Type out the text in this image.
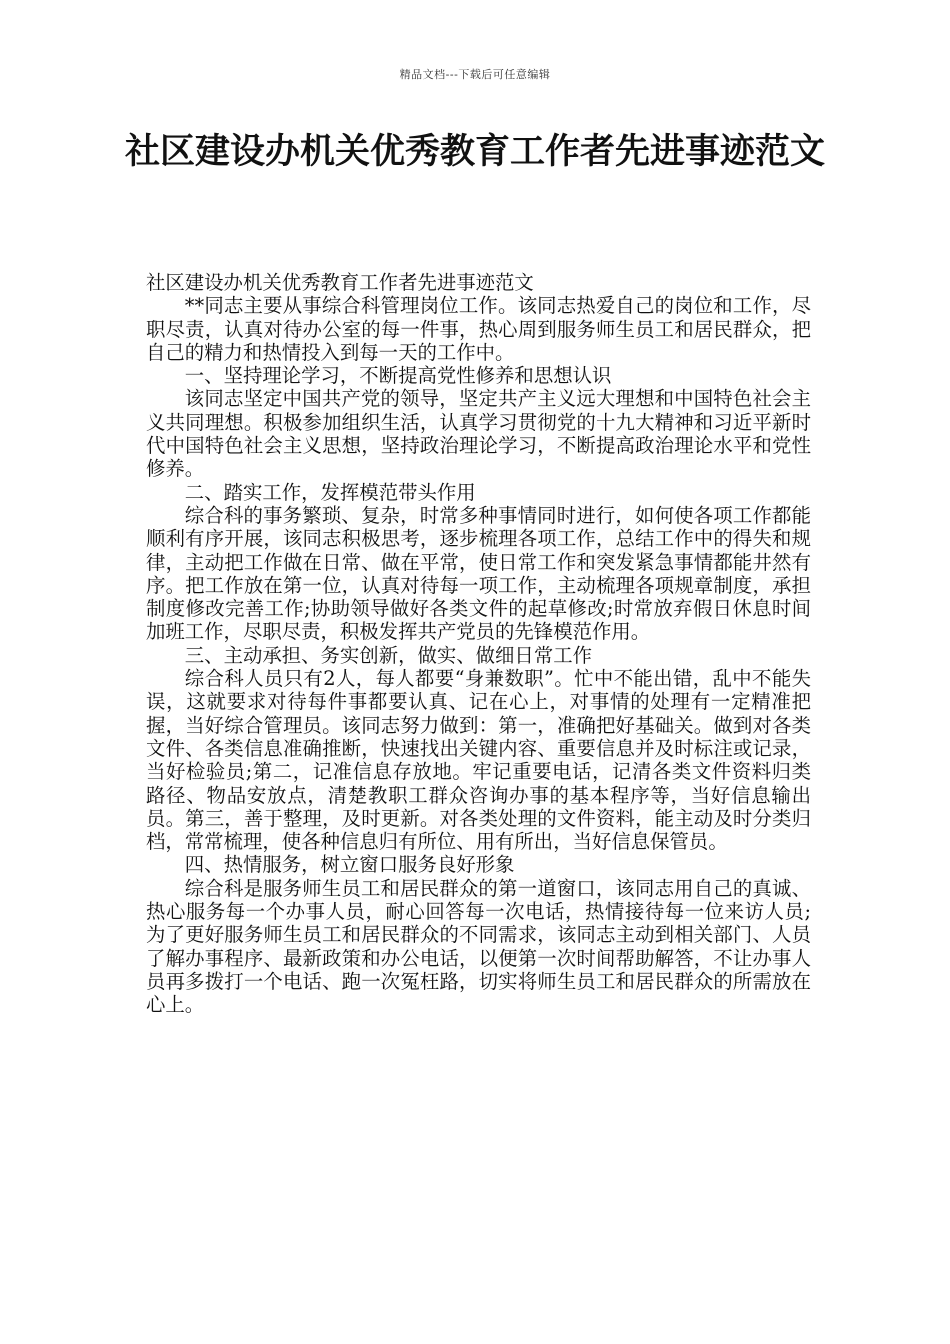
精品文档---下载后可任意编辑
社区建设办机关优秀教育工作者先进事迹范文

社区建设办机关优秀教育工作者先进事迹范文

**同志主要从事综合科管理岗位工作。该同志热爱自己的岗位和工作，尽职尽责，认真对待办公室的每一件事，热心周到服务师生员工和居民群众，把自己的精力和热情投入到每一天的工作中。

一、坚持理论学习，不断提高党性修养和思想认识

该同志坚定中国共产党的领导，坚定共产主义远大理想和中国特色社会主义共同理想。积极参加组织生活，认真学习贯彻党的十九大精神和习近平新时代中国特色社会主义思想，坚持政治理论学习，不断提高政治理论水平和党性修养。

二、踏实工作，发挥模范带头作用

综合科的事务繁琐、复杂，时常多种事情同时进行，如何使各项工作都能顺利有序开展，该同志积极思考，逐步梳理各项工作，总结工作中的得失和规律，主动把工作做在日常、做在平常，使日常工作和突发紧急事情都能井然有序。把工作放在第一位，认真对待每一项工作，主动梳理各项规章制度，承担制度修改完善工作;协助领导做好各类文件的起草修改;时常放弃假日休息时间加班工作，尽职尽责，积极发挥共产党员的先锋模范作用。

三、主动承担、务实创新，做实、做细日常工作

综合科人员只有2人，每人都要“身兼数职”。忙中不能出错，乱中不能失误，这就要求对待每件事都要认真、记在心上，对事情的处理有一定精准把握，当好综合管理员。该同志努力做到：第一，准确把好基础关。做到对各类文件、各类信息准确推断，快速找出关键内容、重要信息并及时标注或记录，当好检验员;第二，记准信息存放地。牢记重要电话，记清各类文件资料归类路径、物品安放点，清楚教职工群众咨询办事的基本程序等，当好信息输出员。第三，善于整理，及时更新。对各类处理的文件资料，能主动及时分类归档，常常梳理，使各种信息归有所位、用有所出，当好信息保管员。

四、热情服务，树立窗口服务良好形象

综合科是服务师生员工和居民群众的第一道窗口，该同志用自己的真诚、热心服务每一个办事人员，耐心回答每一次电话，热情接待每一位来访人员;为了更好服务师生员工和居民群众的不同需求，该同志主动到相关部门、人员了解办事程序、最新政策和办公电话，以便第一次时间帮助解答，不让办事人员再多拨打一个电话、跑一次冤枉路，切实将师生员工和居民群众的所需放在心上。
